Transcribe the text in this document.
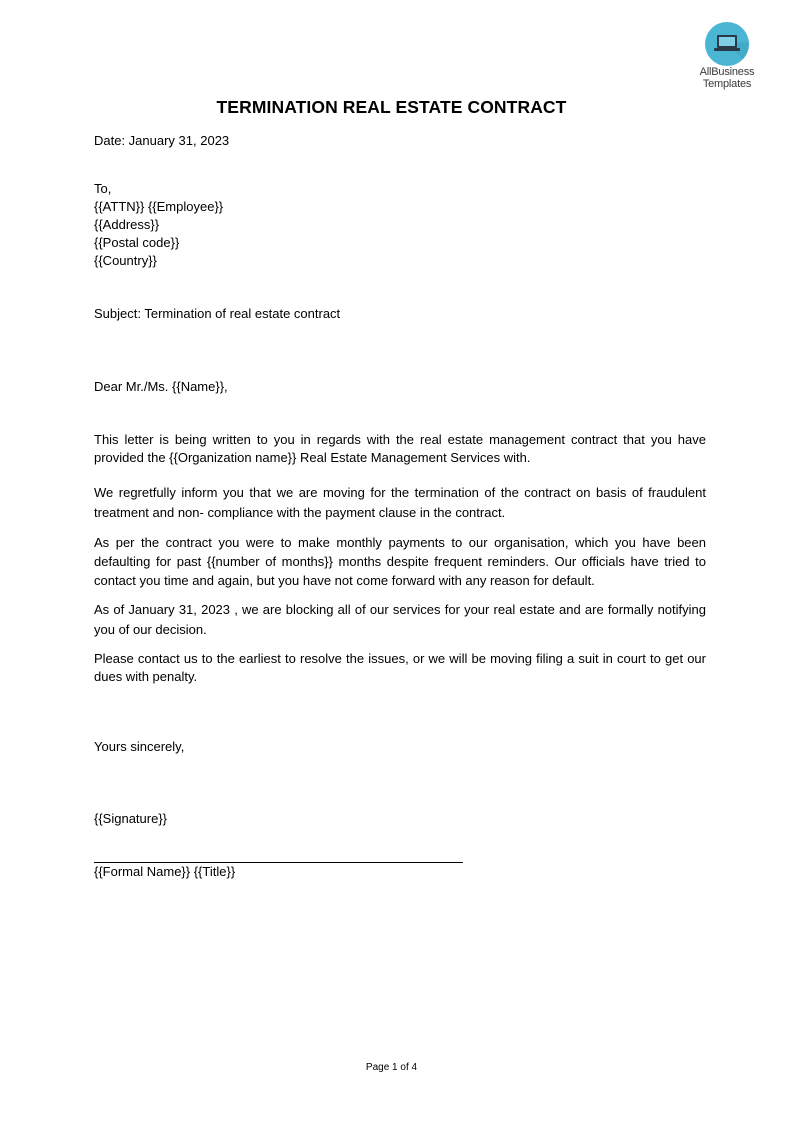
AllBusiness
Templates
TERMINATION REAL ESTATE CONTRACT
Date: January 31, 2023
To,
{{ATTN}} {{Employee}}
{{Address}}
{{Postal code}}
{{Country}}
Subject: Termination of real estate contract
Dear Mr./Ms. {{Name}},

This letter is being written to you in regards with the real estate management contract that you have provided the {{Organization name}} Real Estate Management Services with.

We regretfully inform you that we are moving for the termination of the contract on basis of fraudulent treatment and non- compliance with the payment clause in the contract.

As per the contract you were to make monthly payments to our organisation, which you have been defaulting for past {{number of months}} months despite frequent reminders. Our officials have tried to contact you time and again, but you have not come forward with any reason for default.

As of January 31, 2023 , we are blocking all of our services for your real estate and are formally notifying you of our decision.

Please contact us to the earliest to resolve the issues, or we will be moving filing a suit in court to get our dues with penalty.

Yours sincerely,
{{Signature}}
{{Formal Name}} {{Title}}
Page 1 of 4
